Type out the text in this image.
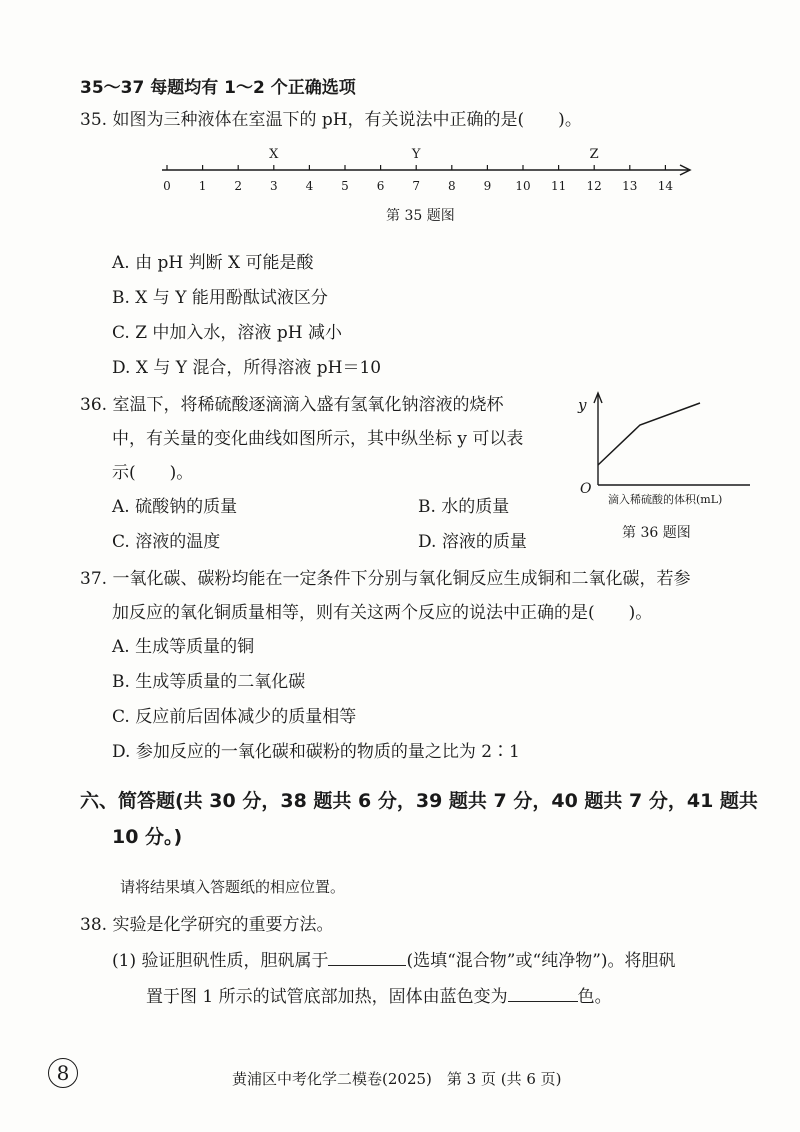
35～37 每题均有 1～2 个正确选项
35. 如图为三种液体在室温下的 pH，有关说法中正确的是(　　)。
0 1 2 3 4 5 6 7 8 9 10 11 12 13 14
X	Y	Z
第 35 题图
A. 由 pH 判断 X 可能是酸
B. X 与 Y 能用酚酞试液区分
C. Z 中加入水，溶液 pH 减小
D. X 与 Y 混合，所得溶液 pH＝10
36. 室温下，将稀硫酸逐滴滴入盛有氢氧化钠溶液的烧杯
中，有关量的变化曲线如图所示，其中纵坐标 y 可以表
示(　　)。
A. 硫酸钠的质量	B. 水的质量
C. 溶液的温度	D. 溶液的质量
y
O
滴入稀硫酸的体积(mL)
第 36 题图
37. 一氧化碳、碳粉均能在一定条件下分别与氧化铜反应生成铜和二氧化碳，若参
加反应的氧化铜质量相等，则有关这两个反应的说法中正确的是(　　)。
A. 生成等质量的铜
B. 生成等质量的二氧化碳
C. 反应前后固体减少的质量相等
D. 参加反应的一氧化碳和碳粉的物质的量之比为 2∶1
六、简答题(共 30 分，38 题共 6 分，39 题共 7 分，40 题共 7 分，41 题共
10 分。)
请将结果填入答题纸的相应位置。
38. 实验是化学研究的重要方法。
(1) 验证胆矾性质，胆矾属于	(选填“混合物”或“纯净物”)。将胆矾
置于图 1 所示的试管底部加热，固体由蓝色变为	色。
8	黄浦区中考化学二模卷(2025)　第 3 页 (共 6 页)
